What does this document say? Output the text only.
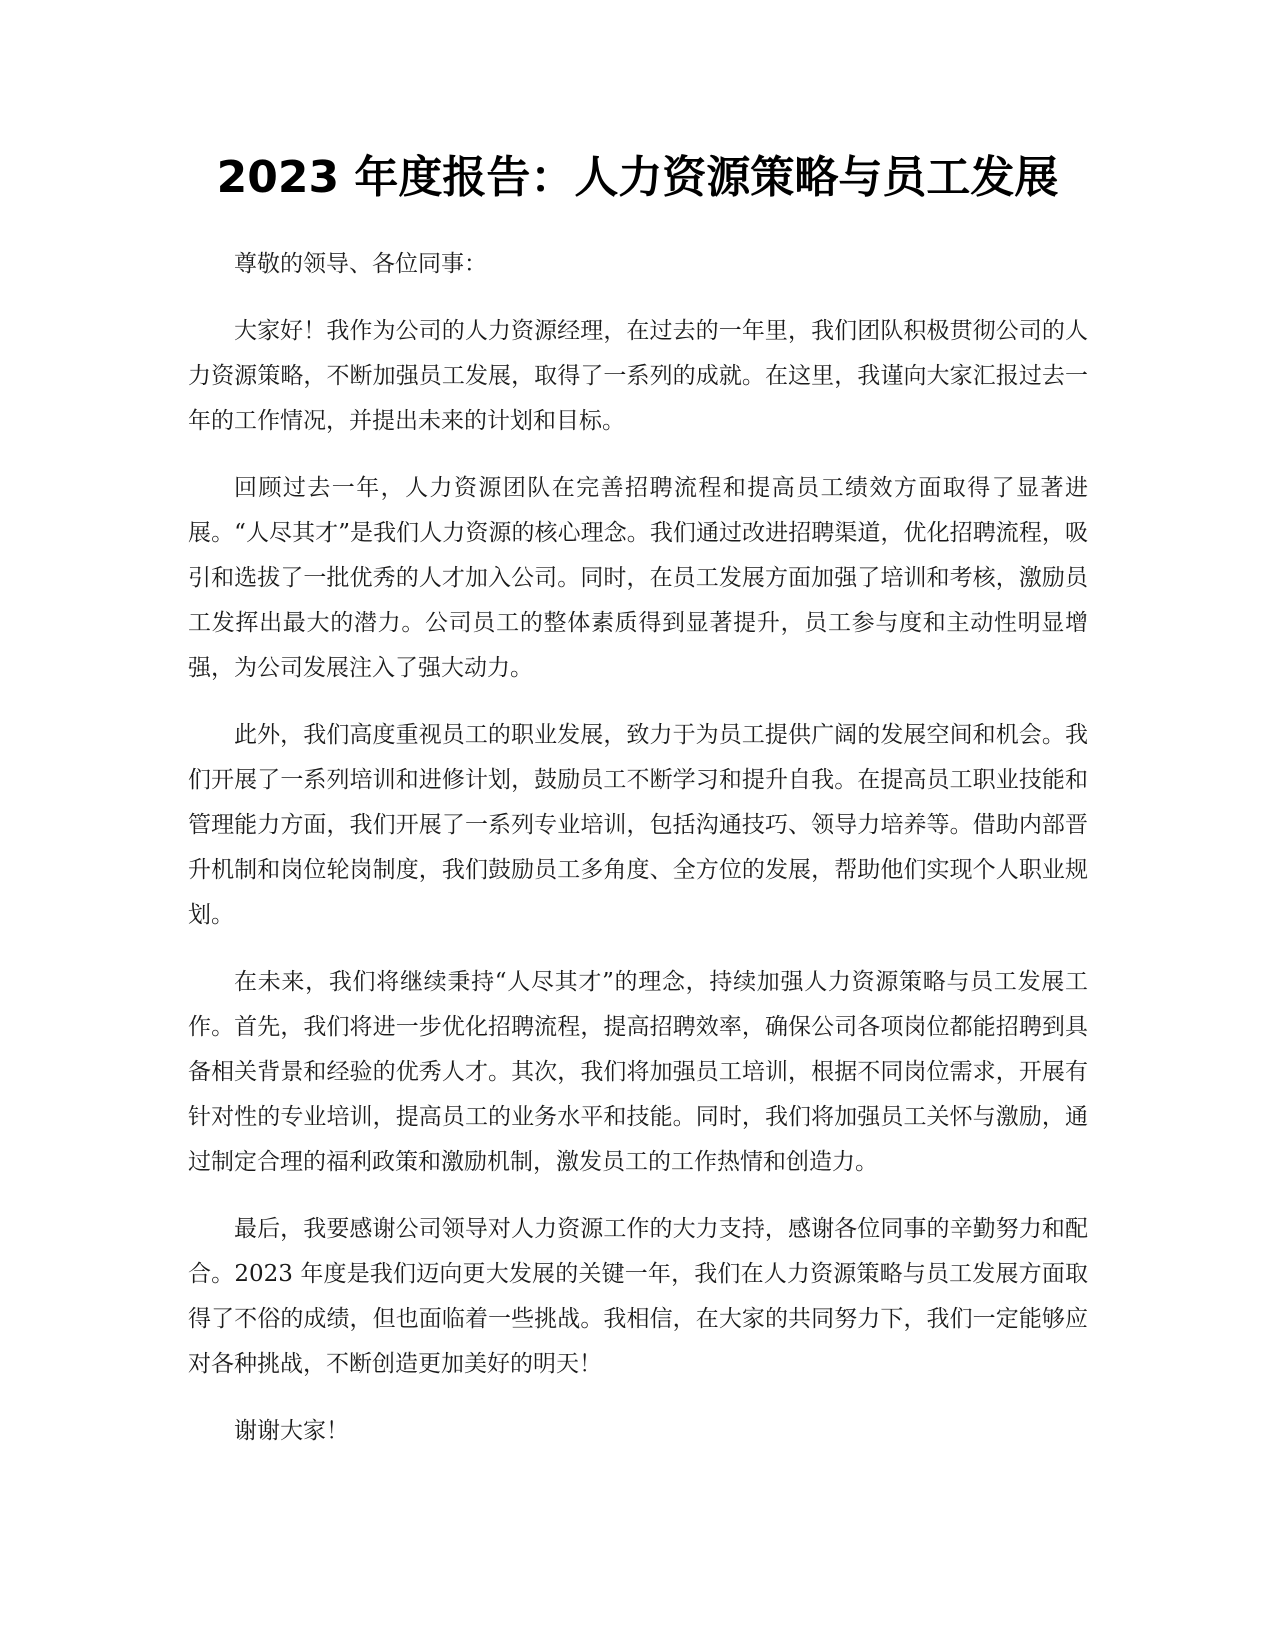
2023 年度报告：人力资源策略与员工发展

尊敬的领导、各位同事：

大家好！我作为公司的人力资源经理，在过去的一年里，我们团队积极贯彻公司的人力资源策略，不断加强员工发展，取得了一系列的成就。在这里，我谨向大家汇报过去一年的工作情况，并提出未来的计划和目标。

回顾过去一年，人力资源团队在完善招聘流程和提高员工绩效方面取得了显著进展。“人尽其才”是我们人力资源的核心理念。我们通过改进招聘渠道，优化招聘流程，吸引和选拔了一批优秀的人才加入公司。同时，在员工发展方面加强了培训和考核，激励员工发挥出最大的潜力。公司员工的整体素质得到显著提升，员工参与度和主动性明显增强，为公司发展注入了强大动力。

此外，我们高度重视员工的职业发展，致力于为员工提供广阔的发展空间和机会。我们开展了一系列培训和进修计划，鼓励员工不断学习和提升自我。在提高员工职业技能和管理能力方面，我们开展了一系列专业培训，包括沟通技巧、领导力培养等。借助内部晋升机制和岗位轮岗制度，我们鼓励员工多角度、全方位的发展，帮助他们实现个人职业规划。

在未来，我们将继续秉持“人尽其才”的理念，持续加强人力资源策略与员工发展工作。首先，我们将进一步优化招聘流程，提高招聘效率，确保公司各项岗位都能招聘到具备相关背景和经验的优秀人才。其次，我们将加强员工培训，根据不同岗位需求，开展有针对性的专业培训，提高员工的业务水平和技能。同时，我们将加强员工关怀与激励，通过制定合理的福利政策和激励机制，激发员工的工作热情和创造力。

最后，我要感谢公司领导对人力资源工作的大力支持，感谢各位同事的辛勤努力和配合。2023 年度是我们迈向更大发展的关键一年，我们在人力资源策略与员工发展方面取得了不俗的成绩，但也面临着一些挑战。我相信，在大家的共同努力下，我们一定能够应对各种挑战，不断创造更加美好的明天！

谢谢大家！
